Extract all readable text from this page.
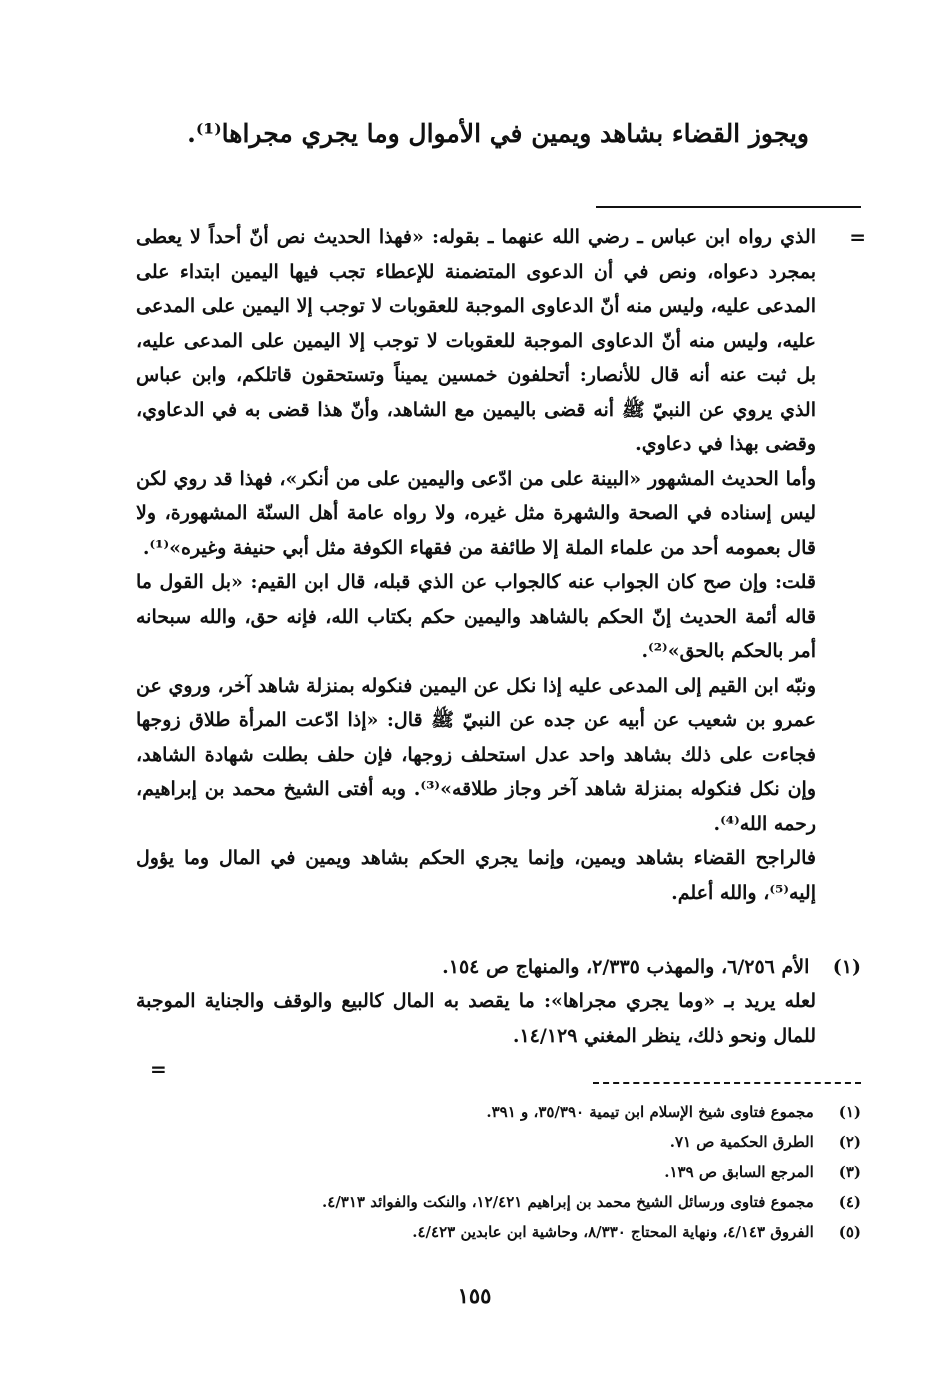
ويجوز القضاء بشاهد ويمين في الأموال وما يجري مجراها⁽¹⁾.
=

الذي رواه ابن عباس ـ رضي الله عنهما ـ بقوله: «فهذا الحديث نص أنّ أحداً لا يعطى بمجرد دعواه، ونص في أن الدعوى المتضمنة للإعطاء تجب فيها اليمين ابتداء على المدعى عليه، وليس منه أنّ الدعاوى الموجبة للعقوبات لا توجب إلا اليمين على المدعى عليه، وليس منه أنّ الدعاوى الموجبة للعقوبات لا توجب إلا اليمين على المدعى عليه، بل ثبت عنه أنه قال للأنصار: أتحلفون خمسين يميناً وتستحقون قاتلكم، وابن عباس الذي يروي عن النبيّ ﷺ أنه قضى باليمين مع الشاهد، وأنّ هذا قضى به في الدعاوي، وقضى بهذا في دعاوي.

وأما الحديث المشهور «البينة على من ادّعى واليمين على من أنكر»، فهذا قد روي لكن ليس إسناده في الصحة والشهرة مثل غيره، ولا رواه عامة أهل السنّة المشهورة، ولا قال بعمومه أحد من علماء الملة إلا طائفة من فقهاء الكوفة مثل أبي حنيفة وغيره»⁽¹⁾.

قلت: وإن صح كان الجواب عنه كالجواب عن الذي قبله، قال ابن القيم: «بل القول ما قاله أئمة الحديث إنّ الحكم بالشاهد واليمين حكم بكتاب الله، فإنه حق، والله سبحانه أمر بالحكم بالحق»⁽²⁾.

ونبّه ابن القيم إلى المدعى عليه إذا نكل عن اليمين فنكوله بمنزلة شاهد آخر، وروي عن عمرو بن شعيب عن أبيه عن جده عن النبيّ ﷺ قال: «إذا ادّعت المرأة طلاق زوجها فجاءت على ذلك بشاهد واحد عدل استحلف زوجها، فإن حلف بطلت شهادة الشاهد، وإن نكل فنكوله بمنزلة شاهد آخر وجاز طلاقه»⁽³⁾. وبه أفتى الشيخ محمد بن إبراهيم، رحمه الله⁽⁴⁾.

فالراجح القضاء بشاهد ويمين، وإنما يجري الحكم بشاهد ويمين في المال وما يؤول إليه⁽⁵⁾، والله أعلم.

(١) الأم ٦/٢٥٦، والمهذب ٢/٣٣٥، والمنهاج ص ١٥٤.
لعله يريد بـ «وما يجري مجراها»: ما يقصد به المال كالبيع والوقف والجناية الموجبة للمال ونحو ذلك، ينظر المغني ١٤/١٢٩.
=
(١) مجموع فتاوى شيخ الإسلام ابن تيمية ٣٥/٣٩٠، و ٣٩١.
(٢) الطرق الحكمية ص ٧١.
(٣) المرجع السابق ص ١٣٩.
(٤) مجموع فتاوى ورسائل الشيخ محمد بن إبراهيم ١٢/٤٢١، والنكت والفوائد ٤/٣١٣.
(٥) الفروق ٤/١٤٣، ونهاية المحتاج ٨/٣٣٠، وحاشية ابن عابدين ٤/٤٢٣.
١٥٥
